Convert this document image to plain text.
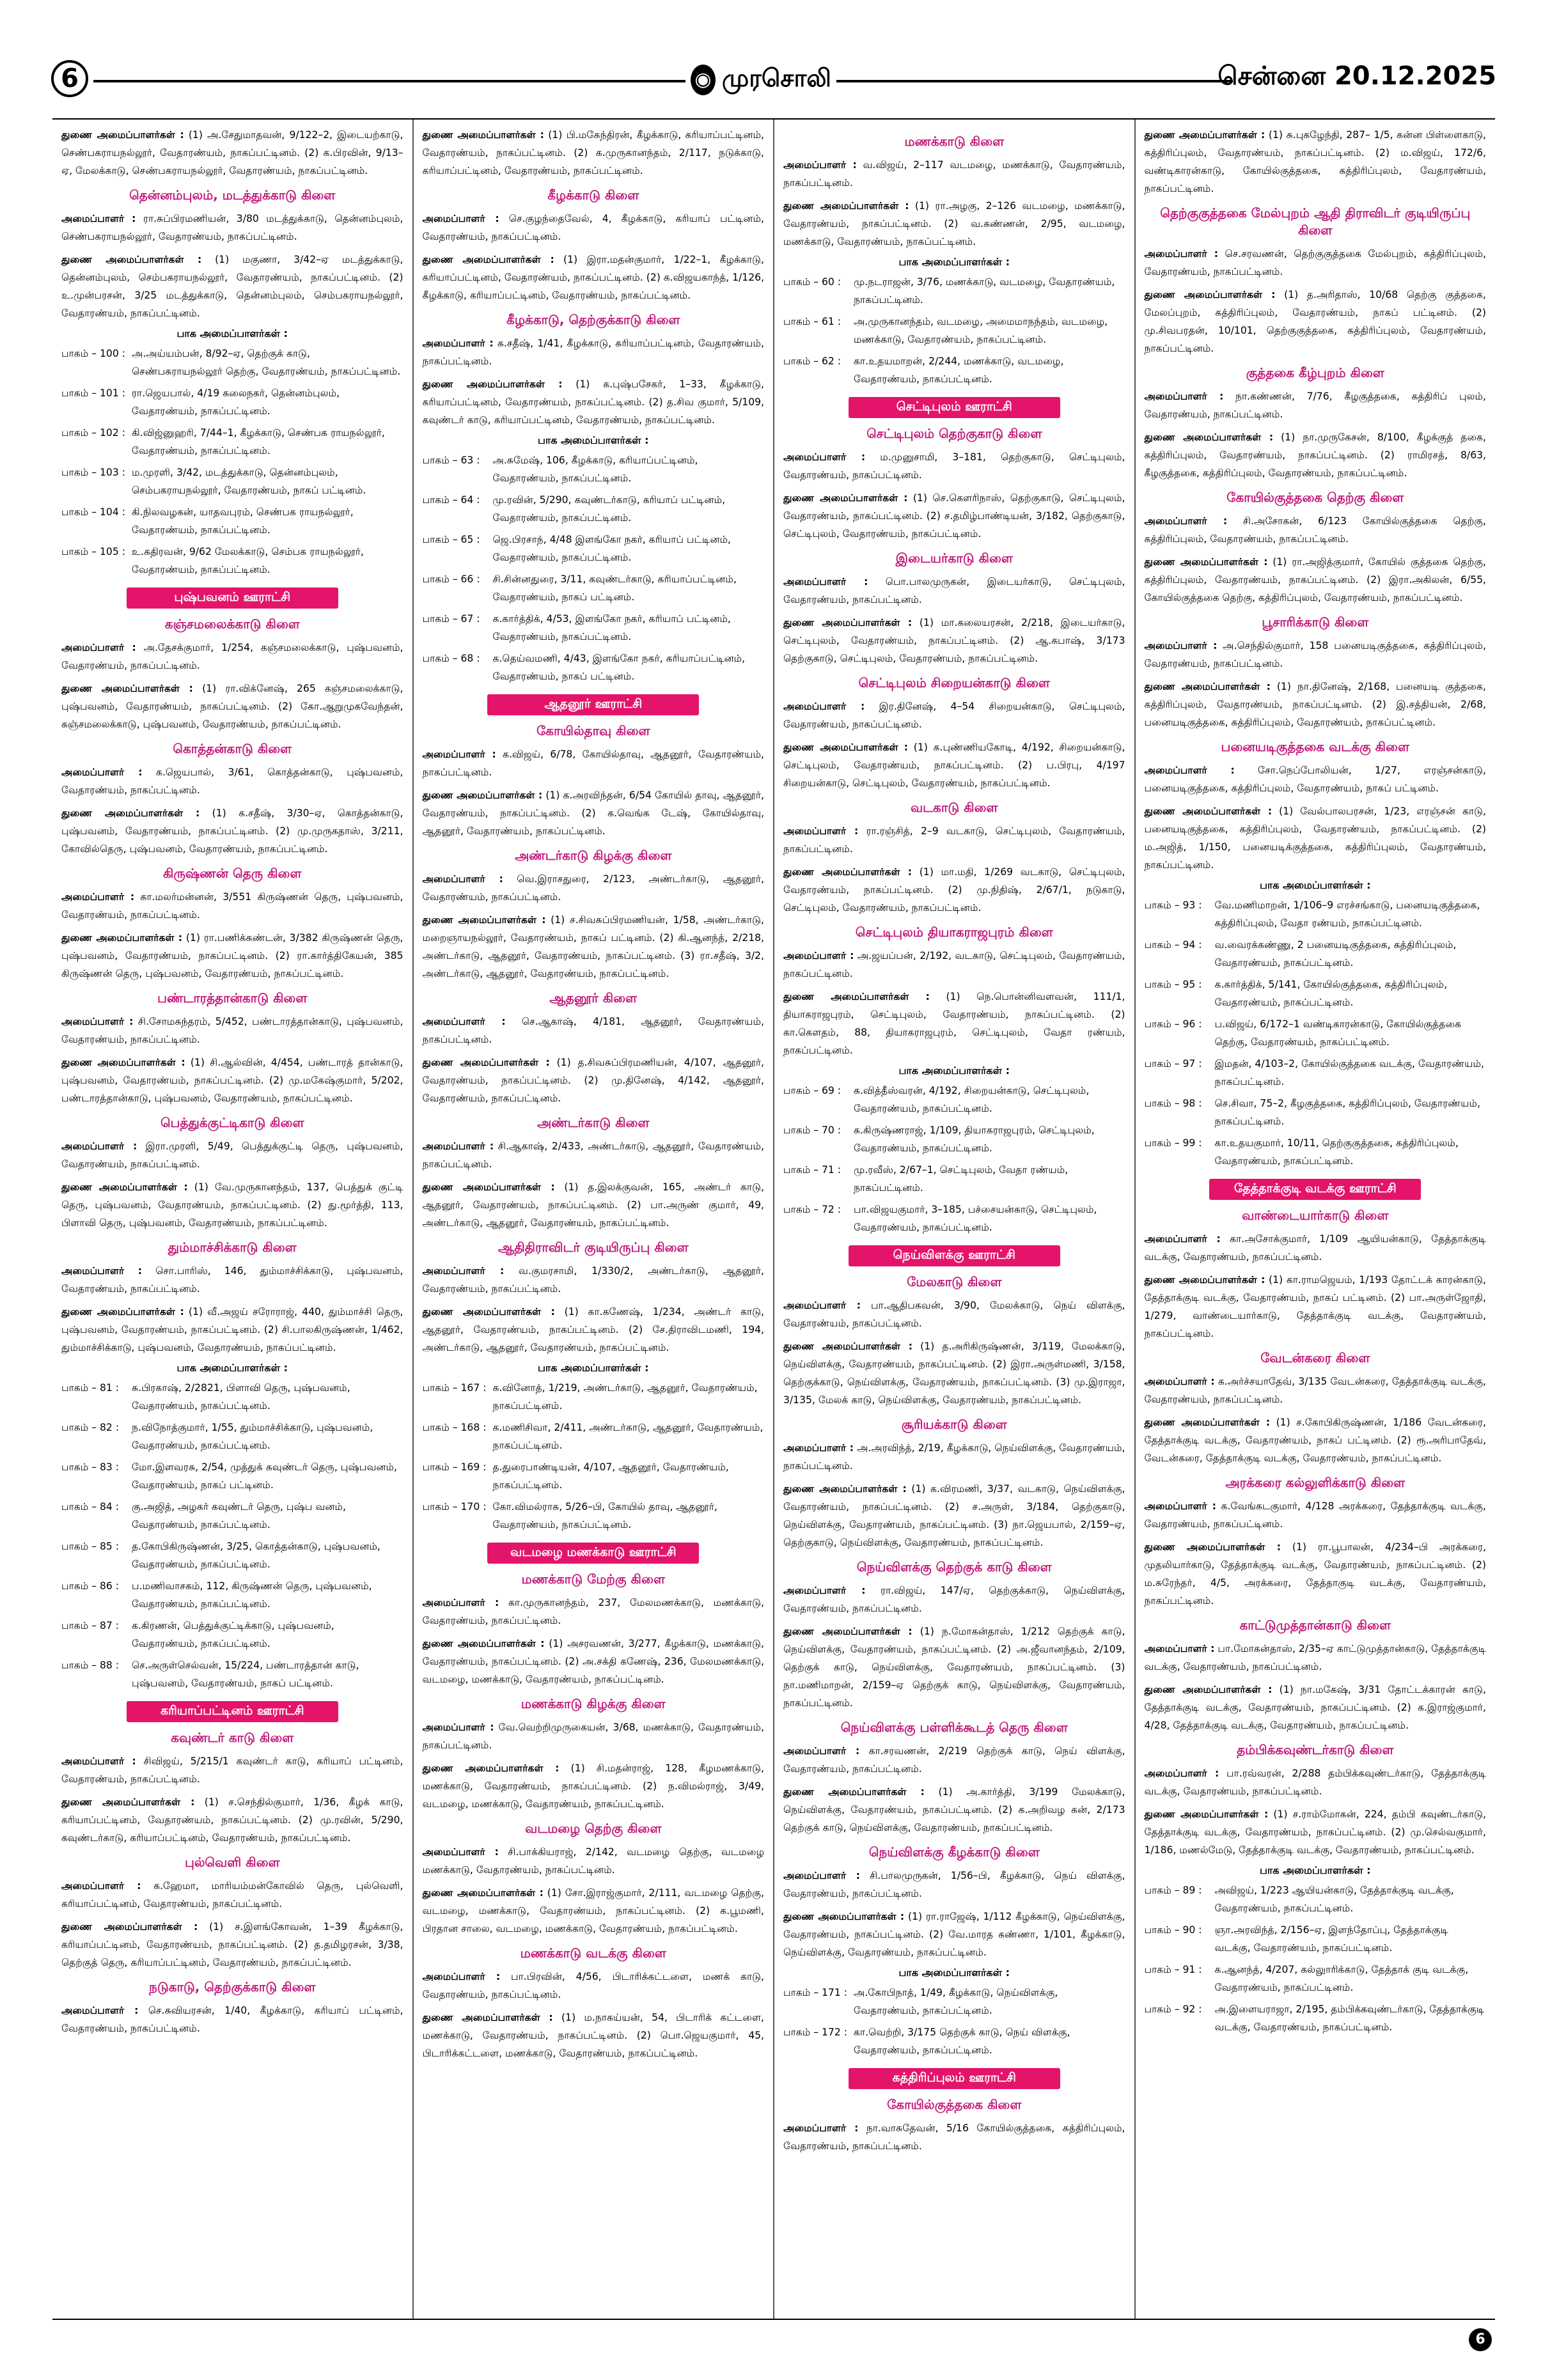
6	◉ முரசொலி	சென்னை 20.12.2025

துணை அமைப்பாளர்கள் : (1) அ.சேதுமாதவன், 9/122–2, இடையற்காடு, செண்பகராயநல்லூர், வேதாரண்யம், நாகப்பட்டினம். (2) க.பிரவின், 9/13–ஏ, மேலக்காடு, செண்பகராயநல்லூர், வேதாரண்யம், நாகப்பட்டினம்.

தென்னம்புலம், மடத்துக்காடு கிளை

அமைப்பாளர் : ரா.சுப்பிரமணியன், 3/80 மடத்துக்காடு, தென்னம்புலம், செண்பகராயநல்லூர், வேதாரண்யம், நாகப்பட்டினம்.

துணை அமைப்பாளர்கள் : (1) மகுணா, 3/42–ஏ மடத்துக்காடு, தென்னம்புலம், செம்பகராயநல்லூர், வேதாரண்யம், நாகப்பட்டினம். (2) உ.முன்பரசன், 3/25 மடத்துக்காடு, தென்னம்புலம், செம்பகராயநல்லூர், வேதாரண்யம், நாகப்பட்டினம்.

பாக அமைப்பாளர்கள் :
பாகம் – 100 : அ.அய்யம்பன், 8/92–ஏ, தெற்குக் காடு, செண்பகராயநல்லூர் தெற்கு, வேதாரண்யம், நாகப்பட்டினம்.
பாகம் – 101 : ரா.ஜெயபால், 4/19 கலைநகர், தென்னம்புலம், வேதாரண்யம், நாகப்பட்டினம்.
பாகம் – 102 : கி.விஜ்னுஹரி, 7/44–1, கீழக்காடு, செண்பக ராயநல்லூர், வேதாரண்யம், நாகப்பட்டினம்.
பாகம் – 103 : ம.முரளி, 3/42, மடத்துக்காடு, தென்னம்புலம், செம்பகராயநல்லூர், வேதாரண்யம், நாகப் பட்டினம்.
பாகம் – 104 : கி.நிலவழகன், யாதவபுரம், செண்பக ராயநல்லூர், வேதாரண்யம், நாகப்பட்டினம்.
பாகம் – 105 : உ.கதிரவன், 9/62 மேலக்காடு, செம்பக ராயநல்லூர், வேதாரண்யம், நாகப்பட்டினம்.
புஷ்பவனம் ஊராட்சி
கஞ்சமலைக்காடு கிளை

அமைப்பாளர் : அ.தேசக்குமார், 1/254, கஞ்சமலைக்காடு, புஷ்பவனம், வேதாரண்யம், நாகப்பட்டினம்.

துணை அமைப்பாளர்கள் : (1) ரா.விக்னேஷ், 265 கஞ்சமலைக்காடு, புஷ்பவனம், வேதாரண்யம், நாகப்பட்டினம். (2) கோ.ஆறுமுகவேந்தன், கஞ்சமலைக்காடு, புஷ்பவனம், வேதாரண்யம், நாகப்பட்டினம்.

கொத்தன்காடு கிளை

அமைப்பாளர் : க.ஜெயபால், 3/61, கொத்தன்காடு, புஷ்பவனம், வேதாரண்யம், நாகப்பட்டினம்.

துணை அமைப்பாளர்கள் : (1) க.சதீஷ், 3/30–ஏ, கொத்தன்காடு, புஷ்பவனம், வேதாரண்யம், நாகப்பட்டினம். (2) மு.முருகதாஸ், 3/211, கோவில்தெரு, புஷ்பவனம், வேதாரண்யம், நாகப்பட்டினம்.

கிருஷ்ணன் தெரு கிளை

அமைப்பாளர் : கா.மலர்மன்னன், 3/551 கிருஷ்ணன் தெரு, புஷ்பவனம், வேதாரண்யம், நாகப்பட்டினம்.

துணை அமைப்பாளர்கள் : (1) ரா.பணிக்கண்டன், 3/382 கிருஷ்ணன் தெரு, புஷ்பவனம், வேதாரண்யம், நாகப்பட்டினம். (2) ரா.கார்த்திகேயன், 385 கிருஷ்ணன் தெரு, புஷ்பவனம், வேதாரண்யம், நாகப்பட்டினம்.

பண்டாரத்தான்காடு கிளை

அமைப்பாளர் : சி.சோமசுந்தரம், 5/452, பண்டாரத்தான்காடு, புஷ்பவனம், வேதாரண்யம், நாகப்பட்டினம்.

துணை அமைப்பாளர்கள் : (1) சி.ஆல்வின், 4/454, பண்டாரத் தான்காடு, புஷ்பவனம், வேதாரண்யம், நாகப்பட்டினம். (2) மு.மகேஷ்குமார், 5/202, பண்டாரத்தான்காடு, புஷ்பவனம், வேதாரண்யம், நாகப்பட்டினம்.

பெத்துக்குட்டிகாடு கிளை

அமைப்பாளர் : இரா.முரளி, 5/49, பெத்துக்குட்டி தெரு, புஷ்பவனம், வேதாரண்யம், நாகப்பட்டினம்.

துணை அமைப்பாளர்கள் : (1) வே.முருகானந்தம், 137, பெத்துக் குட்டி தெரு, புஷ்பவனம், வேதாரண்யம், நாகப்பட்டினம். (2) து.மூர்த்தி, 113, பிளாவி தெரு, புஷ்பவனம், வேதாரண்யம், நாகப்பட்டினம்.

தும்மாச்சிக்காடு கிளை

அமைப்பாளர் : சொ.பாரிஸ், 146, தும்மாச்சிக்காடு, புஷ்பவனம், வேதாரண்யம், நாகப்பட்டினம்.

துணை அமைப்பாளர்கள் : (1) வீ.அஜய் சரோராஜ், 440, தும்மாச்சி தெரு, புஷ்பவனம், வேதாரண்யம், நாகப்பட்டினம். (2) சி.பாலகிருஷ்ணன், 1/462, தும்மாச்சிக்காடு, புஷ்பவனம், வேதாரண்யம், நாகப்பட்டினம்.

பாக அமைப்பாளர்கள் :
பாகம் – 81 :	சு.பிரகாஷ், 2/2821, பிளாவி தெரு, புஷ்பவனம், வேதாரண்யம், நாகப்பட்டினம்.
பாகம் – 82 :	ந.விநோத்குமார், 1/55, தும்மாச்சிக்காடு, புஷ்பவனம், வேதாரண்யம், நாகப்பட்டினம்.
பாகம் – 83 :	மோ.இளவரசு, 2/54, முத்துக் கவுண்டர் தெரு, புஷ்பவனம், வேதாரண்யம், நாகப் பட்டினம்.
பாகம் – 84 :	கு.அஜித், அழகர் கவுண்டர் தெரு, புஷ்ப வனம், வேதாரண்யம், நாகப்பட்டினம்.
பாகம் – 85 :	த.கோபிகிருஷ்ணன், 3/25, கொத்தன்காடு, புஷ்பவனம், வேதாரண்யம், நாகப்பட்டினம்.
பாகம் – 86 :	ப.மணிவாசகம், 112, கிருஷ்ணன் தெரு, புஷ்பவனம், வேதாரண்யம், நாகப்பட்டினம்.
பாகம் – 87 :	க.கிரணன், பெத்துக்குட்டிக்காடு, புஷ்பவனம், வேதாரண்யம், நாகப்பட்டினம்.
பாகம் – 88 :	செ.அருள்செல்வன், 15/224, பண்டாரத்தான் காடு, புஷ்பவனம், வேதாரண்யம், நாகப் பட்டினம்.
கரியாப்பட்டினம் ஊராட்சி
கவுண்டர் காடு கிளை

அமைப்பாளர் : சிவிஜய், 5/215/1 கவுண்டர் காடு, கரியாப் பட்டினம், வேதாரண்யம், நாகப்பட்டினம்.

துணை அமைப்பாளர்கள் : (1) ச.செந்தில்குமார், 1/36, கீழக் காடு, கரியாப்பட்டினம், வேதாரண்யம், நாகப்பட்டினம். (2) மு.ரவின், 5/290, கவுண்டர்காடு, கரியாப்பட்டினம், வேதாரண்யம், நாகப்பட்டினம்.

புல்வெளி கிளை

அமைப்பாளர் : க.ஹேமா, மாரியம்மன்கோவில் தெரு, புல்வெளி, கரியாப்பட்டினம், வேதாரண்யம், நாகப்பட்டினம்.

துணை அமைப்பாளர்கள் : (1) ச.இளங்கோவன், 1–39 கீழக்காடு, கரியாப்பட்டினம், வேதாரண்யம், நாகப்பட்டினம். (2) த.தமிழரசன், 3/38, தெற்குத் தெரு, கரியாப்பட்டினம், வேதாரண்யம், நாகப்பட்டினம்.

நடுகாடு, தெற்குக்காடு கிளை

அமைப்பாளர் : செ.சுவியரசன், 1/40, கீழக்காடு, கரியாப் பட்டினம், வேதாரண்யம், நாகப்பட்டினம்.

துணை அமைப்பாளர்கள் : (1) பி.மகேந்திரன், கீழக்காடு, கரியாப்பட்டினம், வேதாரண்யம், நாகப்பட்டினம். (2) க.முருகானந்தம், 2/117, நடுக்காடு, கரியாப்பட்டினம், வேதாரண்யம், நாகப்பட்டினம்.

கீழக்காடு கிளை

அமைப்பாளர் : செ.குழந்தைவேல், 4, கீழக்காடு, கரியாப் பட்டினம், வேதாரண்யம், நாகப்பட்டினம்.

துணை அமைப்பாளர்கள் : (1) இரா.மதன்குமார், 1/22–1, கீழக்காடு, கரியாப்பட்டினம், வேதாரண்யம், நாகப்பட்டினம். (2) க.விஜயகாந்த், 1/126, கீழக்காடு, கரியாப்பட்டினம், வேதாரண்யம், நாகப்பட்டினம்.

கீழக்காடு, தெற்குக்காடு கிளை

அமைப்பாளர் : க.சதீஷ், 1/41, கீழக்காடு, கரியாப்பட்டினம், வேதாரண்யம், நாகப்பட்டினம்.

துணை அமைப்பாளர்கள் : (1) க.புஷ்பசேகர், 1–33, கீழக்காடு, கரியாப்பட்டினம், வேதாரண்யம், நாகப்பட்டினம். (2) த.சிவ குமார், 5/109, கவுண்டர் காடு, கரியாப்பட்டினம், வேதாரண்யம், நாகப்பட்டினம்.

பாக அமைப்பாளர்கள் :
பாகம் – 63 :	அ.சுமேஷ், 106, கீழக்காடு, கரியாப்பட்டினம், வேதாரண்யம், நாகப்பட்டினம்.
பாகம் – 64 :	மு.ரவின், 5/290, கவுண்டர்காடு, கரியாப் பட்டினம், வேதாரண்யம், நாகப்பட்டினம்.
பாகம் – 65 :	ஜெ.பிரசாந், 4/48 இளங்கோ நகர், கரியாப் பட்டினம், வேதாரண்யம், நாகப்பட்டினம்.
பாகம் – 66 :	சி.சின்னதுரை, 3/11, கவுண்டர்காடு, கரியாப்பட்டினம், வேதாரண்யம், நாகப் பட்டினம்.
பாகம் – 67 :	க.கார்த்திக், 4/53, இளங்கோ நகர், கரியாப் பட்டினம், வேதாரண்யம், நாகப்பட்டினம்.
பாகம் – 68 :	க.தெய்வமணி, 4/43, இளங்கோ நகர், கரியாப்பட்டினம், வேதாரண்யம், நாகப் பட்டினம்.
ஆதனூர் ஊராட்சி
கோயில்தாவு கிளை

அமைப்பாளர் : க.விஜய், 6/78, கோயில்தாவு, ஆதனூர், வேதாரண்யம், நாகப்பட்டினம்.

துணை அமைப்பாளர்கள் : (1) க.அரவிந்தன், 6/54 கோயில் தாவு, ஆதனூர், வேதாரண்யம், நாகப்பட்டினம். (2) க.வெங்க டேஷ், கோயில்தாவு, ஆதனூர், வேதாரண்யம், நாகப்பட்டினம்.

அண்டர்காடு கிழக்கு கிளை

அமைப்பாளர் : வெ.இராசதுரை, 2/123, அண்டர்காடு, ஆதனூர், வேதாரண்யம், நாகப்பட்டினம்.

துணை அமைப்பாளர்கள் : (1) ச.சிவசுப்பிரமணியன், 1/58, அண்டர்காடு, மறைஞாயநல்லூர், வேதாரண்யம், நாகப் பட்டினம். (2) கி.ஆனந்த், 2/218, அண்டர்காடு, ஆதனூர், வேதாரண்யம், நாகப்பட்டினம். (3) ரா.சதீஷ், 3/2, அண்டர்காடு, ஆதனூர், வேதாரண்யம், நாகப்பட்டினம்.

ஆதனூர் கிளை

அமைப்பாளர் : செ.ஆகாஷ், 4/181, ஆதனூர், வேதாரண்யம், நாகப்பட்டினம்.

துணை அமைப்பாளர்கள் : (1) த.சிவசுப்பிரமணியன், 4/107, ஆதனூர், வேதாரண்யம், நாகப்பட்டினம். (2) மு.தினேஷ், 4/142, ஆதனூர், வேதாரண்யம், நாகப்பட்டினம்.

அண்டர்காடு கிளை

அமைப்பாளர் : சி.ஆகாஷ், 2/433, அண்டர்காடு, ஆதனூர், வேதாரண்யம், நாகப்பட்டினம்.

துணை அமைப்பாளர்கள் : (1) த.இலக்குவன், 165, அண்டர் காடு, ஆதனூர், வேதாரண்யம், நாகப்பட்டினம். (2) பா.அருண் குமார், 49, அண்டர்காடு, ஆதனூர், வேதாரண்யம், நாகப்பட்டினம்.

ஆதிதிராவிடர் குடியிருப்பு கிளை

அமைப்பாளர் : வ.குமரசாமி, 1/330/2, அண்டர்காடு, ஆதனூர், வேதாரண்யம், நாகப்பட்டினம்.

துணை அமைப்பாளர்கள் : (1) கா.கணேஷ், 1/234, அண்டர் காடு, ஆதனூர், வேதாரண்யம், நாகப்பட்டினம். (2) சே.திராவிடமணி, 194, அண்டர்காடு, ஆதனூர், வேதாரண்யம், நாகப்பட்டினம்.

பாக அமைப்பாளர்கள் :
பாகம் – 167 : க.வினோத், 1/219, அண்டர்காடு, ஆதனூர், வேதாரண்யம், நாகப்பட்டினம்.
பாகம் – 168 : க.மணிசிவா, 2/411, அண்டர்காடு, ஆதனூர், வேதாரண்யம், நாகப்பட்டினம்.
பாகம் – 169 : த.துரைபாண்டியன், 4/107, ஆதனூர், வேதாரண்யம், நாகப்பட்டினம்.
பாகம் – 170 : கோ.விமல்ராசு, 5/26–பி, கோயில் தாவு, ஆதனூர், வேதாரண்யம், நாகப்பட்டினம்.
வடமழை மணக்காடு ஊராட்சி
மணக்காடு மேற்கு கிளை

அமைப்பாளர் : கா.முருகானந்தம், 237, மேலமணக்காடு, மணக்காடு, வேதாரண்யம், நாகப்பட்டினம்.

துணை அமைப்பாளர்கள் : (1) அசரவணன், 3/277, கீழக்காடு, மணக்காடு, வேதாரண்யம், நாகப்பட்டினம். (2) அ.சக்தி கணேஷ், 236, மேலமணக்காடு, வடமழை, மணக்காடு, வேதாரண்யம், நாகப்பட்டினம்.

மணக்காடு கிழக்கு கிளை

அமைப்பாளர் : வே.வெற்றிமுருகையன், 3/68, மணக்காடு, வேதாரண்யம், நாகப்பட்டினம்.

துணை அமைப்பாளர்கள் : (1) சி.மதன்ராஜ், 128, கீழமணக்காடு, மணக்காடு, வேதாரண்யம், நாகப்பட்டினம். (2) ந.விமல்ராஜ், 3/49, வடமழை, மணக்காடு, வேதாரண்யம், நாகப்பட்டினம்.

வடமழை தெற்கு கிளை

அமைப்பாளர் : சி.பாக்கியராஜ், 2/142, வடமழை தெற்கு, வடமழை மணக்காடு, வேதாரண்யம், நாகப்பட்டினம்.

துணை அமைப்பாளர்கள் : (1) சோ.இராஜ்குமார், 2/111, வடமழை தெற்கு, வடமழை, மணக்காடு, வேதாரண்யம், நாகப்பட்டினம். (2) க.பூமணி, பிரதான சாலை, வடமழை, மணக்காடு, வேதாரண்யம், நாகப்பட்டினம்.

மணக்காடு வடக்கு கிளை

அமைப்பாளர் : பா.பிரவின், 4/56, பிடாரிக்கட்டளை, மணக் காடு, வேதாரண்யம், நாகப்பட்டினம்.

துணை அமைப்பாளர்கள் : (1) ம.நாகய்யன், 54, பிடாரிக் கட்டளை, மணக்காடு, வேதாரண்யம், நாகப்பட்டினம். (2) பொ.ஜெயகுமார், 45, பிடாரிக்கட்டளை, மணக்காடு, வேதாரண்யம், நாகப்பட்டினம்.

மணக்காடு கிளை

அமைப்பாளர் : வ.விஜய், 2–117 வடமழை, மணக்காடு, வேதாரண்யம், நாகப்பட்டினம்.

துணை அமைப்பாளர்கள் : (1) ரா.அழகு, 2–126 வடமழை, மணக்காடு, வேதாரண்யம், நாகப்பட்டினம். (2) வ.கண்ணன், 2/95, வடமழை, மணக்காடு, வேதாரண்யம், நாகப்பட்டினம்.

பாக அமைப்பாளர்கள் :
பாகம் – 60 :	மு.நடராஜன், 3/76, மணக்காடு, வடமழை, வேதாரண்யம், நாகப்பட்டினம்.
பாகம் – 61 :	அ.முருகானந்தம், வடமழை, அமைமாநந்தம், வடமழை, மணக்காடு, வேதாரண்யம், நாகப்பட்டினம்.
பாகம் – 62 :	கா.உதயமாறன், 2/244, மணக்காடு, வடமழை, வேதாரண்யம், நாகப்பட்டினம்.
செட்டிபுலம் ஊராட்சி
செட்டிபுலம் தெற்குகாடு கிளை

அமைப்பாளர் : ம.முனுசாமி, 3–181, தெற்குகாடு, செட்டிபுலம், வேதாரண்யம், நாகப்பட்டினம்.

துணை அமைப்பாளர்கள் : (1) செ.கௌரிநாஸ், தெற்குகாடு, செட்டிபுலம், வேதாரண்யம், நாகப்பட்டினம். (2) ச.தமிழ்பாண்டியன், 3/182, தெற்குகாடு, செட்டிபுலம், வேதாரண்யம், நாகப்பட்டினம்.

இடையர்காடு கிளை

அமைப்பாளர் : பொ.பாலமுருகன், இடையர்காடு, செட்டிபுலம், வேதாரண்யம், நாகப்பட்டினம்.

துணை அமைப்பாளர்கள் : (1) மா.கலையரசன், 2/218, இடையர்காடு, செட்டிபுலம், வேதாரண்யம், நாகப்பட்டினம். (2) ஆ.கபாஷ், 3/173 தெற்குகாடு, செட்டிபுலம், வேதாரண்யம், நாகப்பட்டினம்.

செட்டிபுலம் சிறையன்காடு கிளை

அமைப்பாளர் : இர.தினேஷ், 4–54 சிறையன்காடு, செட்டிபுலம், வேதாரண்யம், நாகப்பட்டினம்.

துணை அமைப்பாளர்கள் : (1) க.புண்ணியகோடி, 4/192, சிறையன்காடு, செட்டிபுலம், வேதாரண்யம், நாகப்பட்டினம். (2) ப.பிரபு, 4/197 சிறையன்காடு, செட்டிபுலம், வேதாரண்யம், நாகப்பட்டினம்.

வடகாடு கிளை

அமைப்பாளர் : ரா.ரஞ்சித், 2–9 வடகாடு, செட்டிபுலம், வேதாரண்யம், நாகப்பட்டினம்.

துணை அமைப்பாளர்கள் : (1) மா.மதி, 1/269 வடகாடு, செட்டிபுலம், வேதாரண்யம், நாகப்பட்டினம். (2) மு.நிதிஷ், 2/67/1, நடுகாடு, செட்டிபுலம், வேதாரண்யம், நாகப்பட்டினம்.

செட்டிபுலம் தியாகராஜபுரம் கிளை

அமைப்பாளர் : அ.ஜயப்பன், 2/192, வடகாடு, செட்டிபுலம், வேதாரண்யம், நாகப்பட்டினம்.

துணை அமைப்பாளர்கள் : (1) நெ.பொன்னிவளவன், 111/1, தியாகராஜபுரம், செட்டிபுலம், வேதாரண்யம், நாகப்பட்டினம். (2) கா.கௌதம், 88, தியாகராஜபுரம், செட்டிபுலம், வேதா ரண்யம், நாகப்பட்டினம்.

பாக அமைப்பாளர்கள் :
பாகம் – 69 :	க.வித்தீஸ்வரன், 4/192, சிறையன்காடு, செட்டிபுலம், வேதாரண்யம், நாகப்பட்டினம்.
பாகம் – 70 :	க.கிருஷ்ணராஜ், 1/109, தியாகராஜபுரம், செட்டிபுலம், வேதாரண்யம், நாகப்பட்டினம்.
பாகம் – 71 :	மு.ரவீஸ், 2/67–1, செட்டிபுலம், வேதா ரண்யம், நாகப்பட்டினம்.
பாகம் – 72 :	பா.விஜயகுமார், 3–185, பச்சையன்காடு, செட்டிபுலம், வேதாரண்யம், நாகப்பட்டினம்.
நெய்விளக்கு ஊராட்சி
மேலகாடு கிளை

அமைப்பாளர் : பா.ஆதிபகவன், 3/90, மேலக்காடு, நெய் விளக்கு, வேதாரண்யம், நாகப்பட்டினம்.

துணை அமைப்பாளர்கள் : (1) த.அரிகிருஷ்ணன், 3/119, மேலக்காடு, நெய்விளக்கு, வேதாரண்யம், நாகப்பட்டினம். (2) இரா.அருள்மணி, 3/158, தெற்குக்காடு, நெய்விளக்கு, வேதாரண்யம், நாகப்பட்டினம். (3) மு.இராஜா, 3/135, மேலக் காடு, நெய்விளக்கு, வேதாரண்யம், நாகப்பட்டினம்.

சூரியக்காடு கிளை

அமைப்பாளர் : அ.அரவிந்த், 2/19, கீழக்காடு, நெய்விளக்கு, வேதாரண்யம், நாகப்பட்டினம்.

துணை அமைப்பாளர்கள் : (1) க.விரமணி, 3/37, வடகாடு, நெய்விளக்கு, வேதாரண்யம், நாகப்பட்டினம். (2) ச.அருள், 3/184, தெற்குகாடு, நெய்விளக்கு, வேதாரண்யம், நாகப்பட்டினம். (3) நா.ஜெயபால், 2/159–ஏ, தெற்குகாடு, நெய்விளக்கு, வேதாரண்யம், நாகப்பட்டினம்.

நெய்விளக்கு தெற்குக் காடு கிளை

அமைப்பாளர் : ரா.விஜய், 147/ஏ, தெற்குக்காடு, நெய்விளக்கு, வேதாரண்யம், நாகப்பட்டினம்.

துணை அமைப்பாளர்கள் : (1) ந.மோகன்தாஸ், 1/212 தெற்குக் காடு, நெய்விளக்கு, வேதாரண்யம், நாகப்பட்டினம். (2) அ.ஜீவானந்தம், 2/109, தெற்குக் காடு, நெய்விளக்கு, வேதாரண்யம், நாகப்பட்டினம். (3) நா.மணிமாறன், 2/159–ஏ தெற்குக் காடு, நெய்விளக்கு, வேதாரண்யம், நாகப்பட்டினம்.

நெய்விளக்கு பள்ளிக்கூடத் தெரு கிளை

அமைப்பாளர் : கா.சரவணன், 2/219 தெற்குக் காடு, நெய் விளக்கு, வேதாரண்யம், நாகப்பட்டினம்.

துணை அமைப்பாளர்கள் : (1) அ.கார்த்தி, 3/199 மேலக்காடு, நெய்விளக்கு, வேதாரண்யம், நாகப்பட்டினம். (2) க.அறிவழ கன், 2/173 தெற்குக் காடு, நெய்விளக்கு, வேதாரண்யம், நாகப்பட்டினம்.

நெய்விளக்கு கீழக்காடு கிளை

அமைப்பாளர் : சி.பாலமுருகன், 1/56–பி, கீழக்காடு, நெய் விளக்கு, வேதாரண்யம், நாகப்பட்டினம்.

துணை அமைப்பாளர்கள் : (1) ரா.ராஜேஷ், 1/112 கீழக்காடு, நெய்விளக்கு, வேதாரண்யம், நாகப்பட்டினம். (2) வே.மாரத கண்ணா, 1/101, கீழக்காடு, நெய்விளக்கு, வேதாரண்யம், நாகப்பட்டினம்.

பாக அமைப்பாளர்கள் :
பாகம் – 171 : அ.கோபிநாத், 1/49, கீழக்காடு, நெய்விளக்கு, வேதாரண்யம், நாகப்பட்டினம்.
பாகம் – 172 : கா.வெற்றி, 3/175 தெற்குக் காடு, நெய் விளக்கு, வேதாரண்யம், நாகப்பட்டினம்.
கத்திரிப்புலம் ஊராட்சி
கோயில்குத்தகை கிளை

அமைப்பாளர் : நா.வாசுதேவன், 5/16 கோயில்குத்தகை, கத்திரிப்புலம், வேதாரண்யம், நாகப்பட்டினம்.

துணை அமைப்பாளர்கள் : (1) சு.புகழேந்தி, 287– 1/5, கன்ன பிள்ளைகாடு, கத்திரிப்புலம், வேதாரண்யம், நாகப்பட்டினம். (2) ம.விஜய், 172/6, வண்டிகாரன்காடு, கோயில்குத்தகை, கத்திரிப்புலம், வேதாரண்யம், நாகப்பட்டினம்.

தெற்குகுத்தகை மேல்புறம் ஆதி திராவிடர் குடியிருப்பு கிளை

அமைப்பாளர் : செ.சரவணன், தெற்குகுத்தகை மேல்புறம், கத்திரிப்புலம், வேதாரண்யம், நாகப்பட்டினம்.

துணை அமைப்பாளர்கள் : (1) த.அரிதாஸ், 10/68 தெற்கு குத்தகை, மேலப்புறம், கத்திரிப்புலம், வேதாரண்யம், நாகப் பட்டினம். (2) மு.சிவபரதன், 10/101, தெற்குகுத்தகை, கத்திரிப்புலம், வேதாரண்யம், நாகப்பட்டினம்.

குத்தகை கீழ்புறம் கிளை

அமைப்பாளர் : நா.கண்ணன், 7/76, கீழகுத்தகை, கத்திரிப் புலம், வேதாரண்யம், நாகப்பட்டினம்.

துணை அமைப்பாளர்கள் : (1) நா.முருகேசன், 8/100, கீழக்குத் தகை, கத்திரிப்புலம், வேதாரண்யம், நாகப்பட்டினம். (2) ராமிரசத், 8/63, கீழகுத்தகை, கத்திரிப்புலம், வேதாரண்யம், நாகப்பட்டினம்.

கோயில்குத்தகை தெற்கு கிளை

அமைப்பாளர் : சி.அசோகன், 6/123 கோயில்குத்தகை தெற்கு, கத்திரிப்புலம், வேதாரண்யம், நாகப்பட்டினம்.

துணை அமைப்பாளர்கள் : (1) ரா.அஜித்குமார், கோயில் குத்தகை தெற்கு, கத்திரிப்புலம், வேதாரண்யம், நாகப்பட்டினம். (2) இரா.அகிலன், 6/55, கோயில்குத்தகை தெற்கு, கத்திரிப்புலம், வேதாரண்யம், நாகப்பட்டினம்.

பூசாரிக்காடு கிளை

அமைப்பாளர் : அ.செந்தில்குமார், 158 பனையடிகுத்தகை, கத்திரிப்புலம், வேதாரண்யம், நாகப்பட்டினம்.

துணை அமைப்பாளர்கள் : (1) நா.தினேஷ், 2/168, பனையடி குத்தகை, கத்திரிப்புலம், வேதாரண்யம், நாகப்பட்டினம். (2) இ.சத்தியன், 2/68, பனையடிகுத்தகை, கத்திரிப்புலம், வேதாரண்யம், நாகப்பட்டினம்.

பனையடிகுத்தகை வடக்கு கிளை

அமைப்பாளர் : சோ.நெப்போலியன், 1/27, எரஞ்சன்காடு, பனையடிகுத்தகை, கத்திரிப்புலம், வேதாரண்யம், நாகப் பட்டினம்.

துணை அமைப்பாளர்கள் : (1) வேல்பாலபரசன், 1/23, எரஞ்சன் காடு, பனையடிகுத்தகை, கத்திரிப்புலம், வேதாரண்யம், நாகப்பட்டினம். (2) ம.அஜித், 1/150, பனையடிக்குத்தகை, கத்திரிப்புலம், வேதாரண்யம், நாகப்பட்டினம்.

பாக அமைப்பாளர்கள் :
பாகம் – 93 :	வே.மணிமாறன், 1/106–9 எரச்சங்காடு, பனையடிகுத்தகை, கத்திரிப்புலம், வேதா ரண்யம், நாகப்பட்டினம்.
பாகம் – 94 :	வ.வைரக்கண்ணு, 2 பனையடிகுத்தகை, கத்திரிப்புலம், வேதாரண்யம், நாகப்பட்டினம்.
பாகம் – 95 :	க.கார்த்திக், 5/141, கோயில்குத்தகை, கத்திரிப்புலம், வேதாரண்யம், நாகப்பட்டினம்.
பாகம் – 96 :	ப.விஜய், 6/172–1 வண்டிகாரன்காடு, கோயில்குத்தகை தெற்கு, வேதாரண்யம், நாகப்பட்டினம்.
பாகம் – 97 :	இமதன், 4/103–2, கோயில்குத்தகை வடக்கு, வேதாரண்யம், நாகப்பட்டினம்.
பாகம் – 98 :	செ.சிவா, 75–2, கீழகுத்தகை, கத்திரிப்புலம், வேதாரண்யம், நாகப்பட்டினம்.
பாகம் – 99 :	கா.உதயகுமார், 10/11, தெற்குகுத்தகை, கத்திரிப்புலம், வேதாரண்யம், நாகப்பட்டினம்.
தேத்தாக்குடி வடக்கு ஊராட்சி
வாண்டையார்காடு கிளை

அமைப்பாளர் : கா.அசோக்குமார், 1/109 ஆயியன்காடு, தேத்தாக்குடி வடக்கு, வேதாரண்யம், நாகப்பட்டினம்.

துணை அமைப்பாளர்கள் : (1) கா.ராமஜெயம், 1/193 தோட்டக் காரன்காடு, தேத்தாக்குடி வடக்கு, வேதாரண்யம், நாகப் பட்டினம். (2) பா.அருள்ஜோதி, 1/279, வாண்டையார்காடு, தேத்தாக்குடி வடக்கு, வேதாரண்யம், நாகப்பட்டினம்.

வேடன்கரை கிளை

அமைப்பாளர் : க.அர்ச்சயாதேவ், 3/135 வேடன்கரை, தேத்தாக்குடி வடக்கு, வேதாரண்யம், நாகப்பட்டினம்.

துணை அமைப்பாளர்கள் : (1) ச.கோபிகிருஷ்ணன், 1/186 வேடன்கரை, தேத்தாக்குடி வடக்கு, வேதாரண்யம், நாகப் பட்டினம். (2) ரூ.அரிபாதேவ், வேடன்கரை, தேத்தாக்குடி வடக்கு, வேதாரண்யம், நாகப்பட்டினம்.

அரக்கரை கல்லுளிக்காடு கிளை

அமைப்பாளர் : க.வேங்கடகுமார், 4/128 அரக்கரை, தேத்தாக்குடி வடக்கு, வேதாரண்யம், நாகப்பட்டினம்.

துணை அமைப்பாளர்கள் : (1) ரா.பூபாலன், 4/234–பி அரக்கரை, முதலியார்காடு, தேத்தாக்குடி வடக்கு, வேதாரண்யம், நாகப்பட்டினம். (2) ம.சுரேந்தர், 4/5, அரக்கரை, தேத்தாகுடி வடக்கு, வேதாரண்யம், நாகப்பட்டினம்.

காட்டுமுத்தான்காடு கிளை

அமைப்பாளர் : பா.மோகன்தாஸ், 2/35–ஏ காட்டுமுத்தான்காடு, தேத்தாக்குடி வடக்கு, வேதாரண்யம், நாகப்பட்டினம்.

துணை அமைப்பாளர்கள் : (1) நா.மகேஷ், 3/31 தோட்டக்காரன் காடு, தேத்தாக்குடி வடக்கு, வேதாரண்யம், நாகப்பட்டினம். (2) க.இராஜ்குமார், 4/28, தேத்தாக்குடி வடக்கு, வேதாரண்யம், நாகப்பட்டினம்.

தம்பிக்கவுண்டர்காடு கிளை

அமைப்பாளர் : பா.ரவ்வரன், 2/288 தம்பிக்கவுண்டர்காடு, தேத்தாக்குடி வடக்கு, வேதாரண்யம், நாகப்பட்டினம்.

துணை அமைப்பாளர்கள் : (1) ச.ராம்மோகன், 224, தம்பி கவுண்டர்காடு, தேத்தாக்குடி வடக்கு, வேதாரண்யம், நாகப்பட்டினம். (2) மு.செல்வகுமார், 1/186, மணல்மேடு, தேத்தாக்குடி வடக்கு, வேதாரண்யம், நாகப்பட்டினம்.

பாக அமைப்பாளர்கள் :
பாகம் – 89 :	அவிஜய், 1/223 ஆயியன்காடு, தேத்தாக்குடி வடக்கு, வேதாரண்யம், நாகப்பட்டினம்.
பாகம் – 90 :	ஞா.அரவிந்த், 2/156–ஏ, இளந்தோப்பு, தேத்தாக்குடி வடக்கு, வேதாரண்யம், நாகப்பட்டினம்.
பாகம் – 91 :	க.ஆனந்த், 4/207, கல்லுாரிக்காடு, தேத்தாக் குடி வடக்கு, வேதாரண்யம், நாகப்பட்டினம்.
பாகம் – 92 :	அ.இளையராஜா, 2/195, தம்பிக்கவுண்டர்காடு, தேத்தாக்குடி வடக்கு, வேதாரண்யம், நாகப்பட்டினம்.
6
